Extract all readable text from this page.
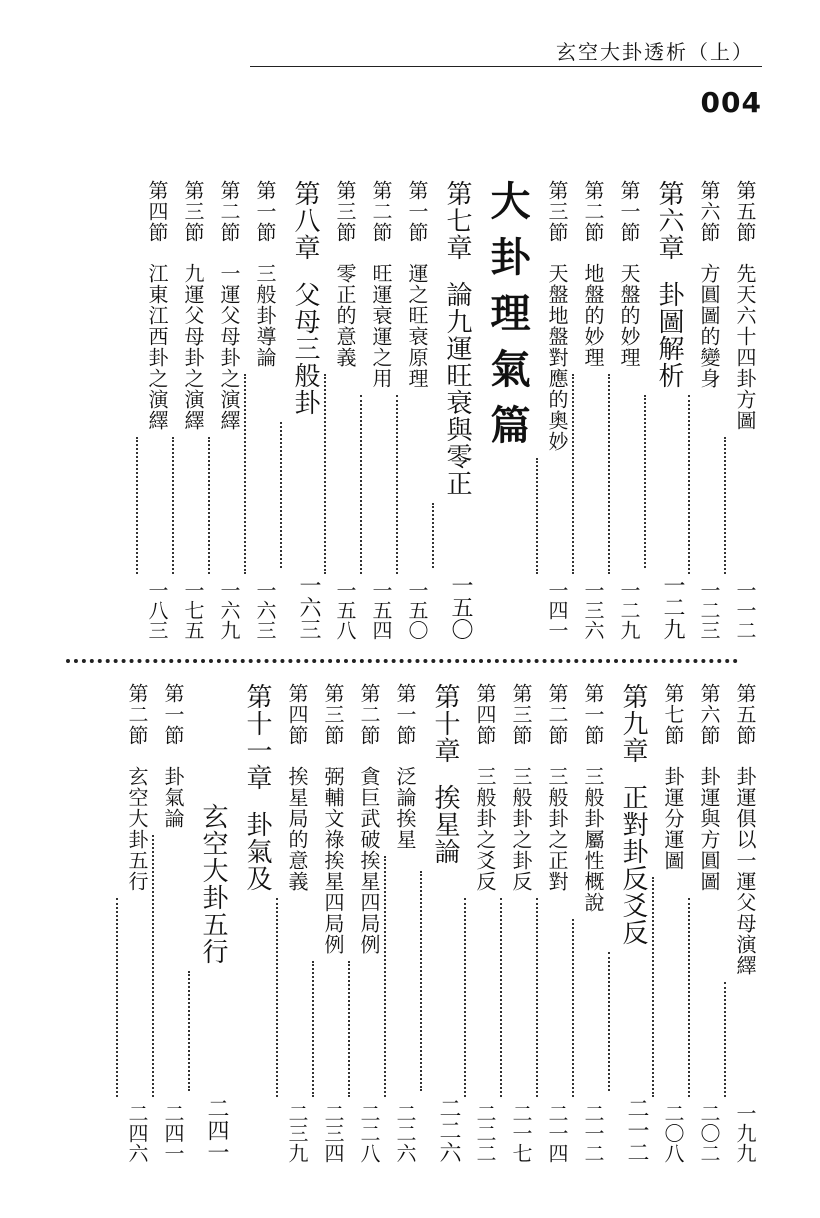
玄空大卦透析（上）
004
第五節
先天六十四卦方圖
一一二
第六節
方圓圖的變身
一二三
第六章
卦圖解析
一二九
第一節
天盤的妙理
一二九
第二節
地盤的妙理
一三六
第三節
天盤地盤對應的奧妙
一四一
大卦理氣篇
第七章
論九運旺衰與零正
一五〇
第一節
運之旺衰原理
一五〇
第二節
旺運衰運之用
一五四
第三節
零正的意義
一五八
第八章
父母三般卦
一六三
第一節
三般卦導論
一六三
第二節
一運父母卦之演繹
一六九
第三節
九運父母卦之演繹
一七五
第四節
江東江西卦之演繹
一八三
第五節
卦運俱以一運父母演繹
一九九
第六節
卦運與方圓圖
二〇二
第七節
卦運分運圖
二〇八
第九章
正對卦反爻反
二一二
第一節
三般卦屬性概說
二一二
第二節
三般卦之正對
二一四
第三節
三般卦之卦反
二一七
第四節
三般卦之爻反
二二二
第十章
挨星論
二二六
第一節
泛論挨星
二二六
第二節
貪巨武破挨星四局例
二二八
第三節
弼輔文祿挨星四局例
二三四
第四節
挨星局的意義
二三九
第十一章
卦氣及
玄空大卦五行
二四一
第一節
卦氣論
二四一
第二節
玄空大卦五行
二四六
